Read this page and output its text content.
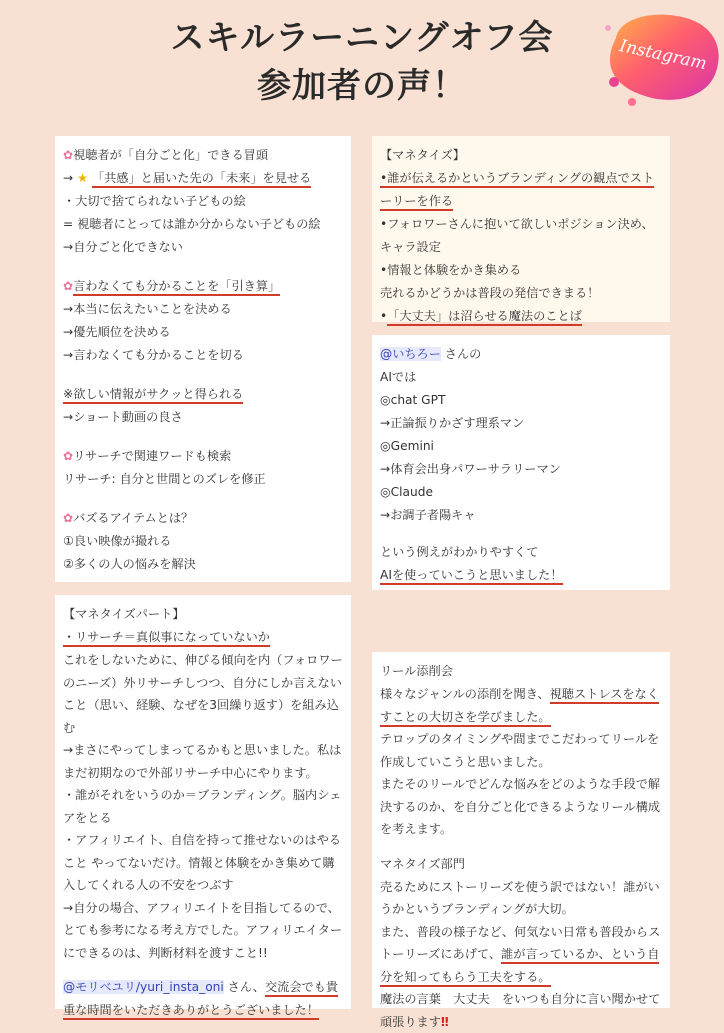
スキルラーニングオフ会
参加者の声！
Instagram
✿視聴者が「自分ごと化」できる冒頭
→ ★ 「共感」と届いた先の「未来」を見せる
・大切で捨てられない子どもの絵
= 視聴者にとっては誰か分からない子どもの絵
→自分ごと化できない
✿言わなくても分かることを「引き算」
→本当に伝えたいことを決める
→優先順位を決める
→言わなくても分かることを切る
※欲しい情報がサクッと得られる
→ショート動画の良さ
✿リサーチで関連ワードも検索
リサーチ: 自分と世間とのズレを修正
✿バズるアイテムとは？
①良い映像が撮れる
②多くの人の悩みを解決
【マネタイズ】
•誰が伝えるかというブランディングの観点でストーリーを作る
•フォロワーさんに抱いて欲しいポジション決め、キャラ設定
•情報と体験をかき集める
売れるかどうかは普段の発信できまる！
•「大丈夫」は沼らせる魔法のことば
@いちろー さんの
AIでは
◎chat GPT
→正論振りかざす理系マン
◎Gemini
→体育会出身パワーサラリーマン
◎Claude
→お調子者陽キャ
という例えがわかりやすくて
AIを使っていこうと思いました！
【マネタイズパート】
・リサーチ＝真似事になっていないか
これをしないために、伸びる傾向を内（フォロワーのニーズ）外リサーチしつつ、自分にしか言えないこと（思い、経験、なぜを3回繰り返す）を組み込む
→まさにやってしまってるかもと思いました。私はまだ初期なので外部リサーチ中心にやります。
・誰がそれをいうのか＝ブランディング。脳内シェアをとる
・アフィリエイト、自信を持って推せないのはやること やってないだけ。情報と体験をかき集めて購入してくれる人の不安をつぶす
→自分の場合、アフィリエイトを目指してるので、とても参考になる考え方でした。アフィリエイターにできるのは、判断材料を渡すこと!!
@モリベユリ/yuri_insta_oni さん、交流会でも貴重な時間をいただきありがとうございました！
リール添削会
様々なジャンルの添削を聞き、視聴ストレスをなくすことの大切さを学びました。
テロップのタイミングや間までこだわってリールを作成していこうと思いました。
またそのリールでどんな悩みをどのような手段で解決するのか、を自分ごと化できるようなリール構成を考えます。
マネタイズ部門
売るためにストーリーズを使う訳ではない！誰がいうかというブランディングが大切。
また、普段の様子など、何気ない日常も普段からストーリーズにあげて、誰が言っているか、という自分を知ってもらう工夫をする。
魔法の言葉　大丈夫　をいつも自分に言い聞かせて頑張ります‼
